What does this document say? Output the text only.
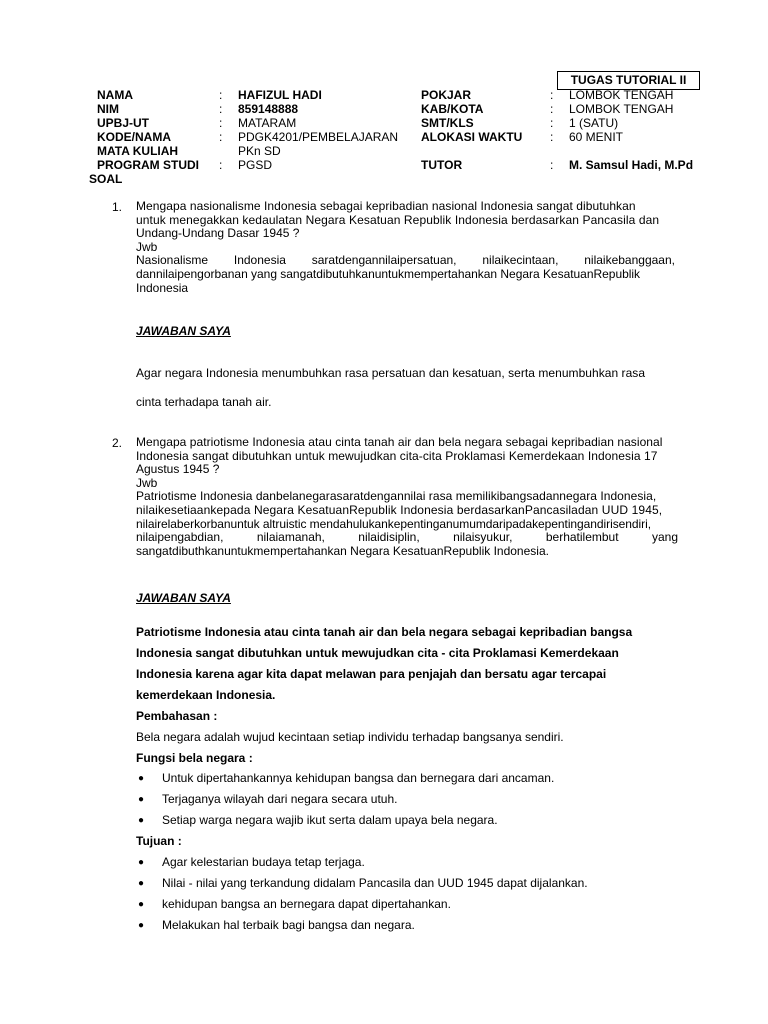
TUGAS TUTORIAL II
NAMA	: HAFIZUL HADI
NIM	: 859148888
UPBJ-UT	: MATARAM
KODE/NAMA	: PDGK4201/PEMBELAJARAN
MATA KULIAH	PKn SD
PROGRAM STUDI : PGSD
POKJAR	: LOMBOK TENGAH
KAB/KOTA	: LOMBOK TENGAH
SMT/KLS	: 1 (SATU)
ALOKASI WAKTU : 60 MENIT
TUTOR	: M. Samsul Hadi, M.Pd
SOAL
1. Mengapa nasionalisme Indonesia sebagai kepribadian nasional Indonesia sangat dibutuhkan
untuk menegakkan kedaulatan Negara Kesatuan Republik Indonesia berdasarkan Pancasila dan
Undang-Undang Dasar 1945 ?
Jwb
Nasionalisme Indonesia saratdengannilaipersatuan, nilaikecintaan, nilaikebanggaan,
dannilaipengorbanan yang sangatdibutuhkanuntukmempertahankan Negara KesatuanRepublik
Indonesia
JAWABAN SAYA
Agar negara Indonesia menumbuhkan rasa persatuan dan kesatuan, serta menumbuhkan rasa
cinta terhadapa tanah air.
2. Mengapa patriotisme Indonesia atau cinta tanah air dan bela negara sebagai kepribadian nasional
Indonesia sangat dibutuhkan untuk mewujudkan cita-cita Proklamasi Kemerdekaan Indonesia 17
Agustus 1945 ?
Jwb
Patriotisme Indonesia danbelanegarasaratdengannilai rasa memilikibangsadannegara Indonesia,
nilaikesetiaankepada Negara KesatuanRepublik Indonesia berdasarkanPancasiladan UUD 1945,
nilairelaberkorbanuntuk altruistic mendahulukankepentinganumumdaripadakepentingandirisendiri,
nilaipengabdian,	nilaiamanah,	nilaidisiplin,	nilaisyukur,	berhatilembut	yang
sangatdibuthkanuntukmempertahankan Negara KesatuanRepublik Indonesia.
JAWABAN SAYA
Patriotisme Indonesia atau cinta tanah air dan bela negara sebagai kepribadian bangsa
Indonesia sangat dibutuhkan untuk mewujudkan cita - cita Proklamasi Kemerdekaan
Indonesia karena agar kita dapat melawan para penjajah dan bersatu agar tercapai
kemerdekaan Indonesia.
Pembahasan :
Bela negara adalah wujud kecintaan setiap individu terhadap bangsanya sendiri.
Fungsi bela negara :
● Untuk dipertahankannya kehidupan bangsa dan bernegara dari ancaman.
● Terjaganya wilayah dari negara secara utuh.
● Setiap warga negara wajib ikut serta dalam upaya bela negara.
Tujuan :
● Agar kelestarian budaya tetap terjaga.
● Nilai - nilai yang terkandung didalam Pancasila dan UUD 1945 dapat dijalankan.
● kehidupan bangsa an bernegara dapat dipertahankan.
● Melakukan hal terbaik bagi bangsa dan negara.
